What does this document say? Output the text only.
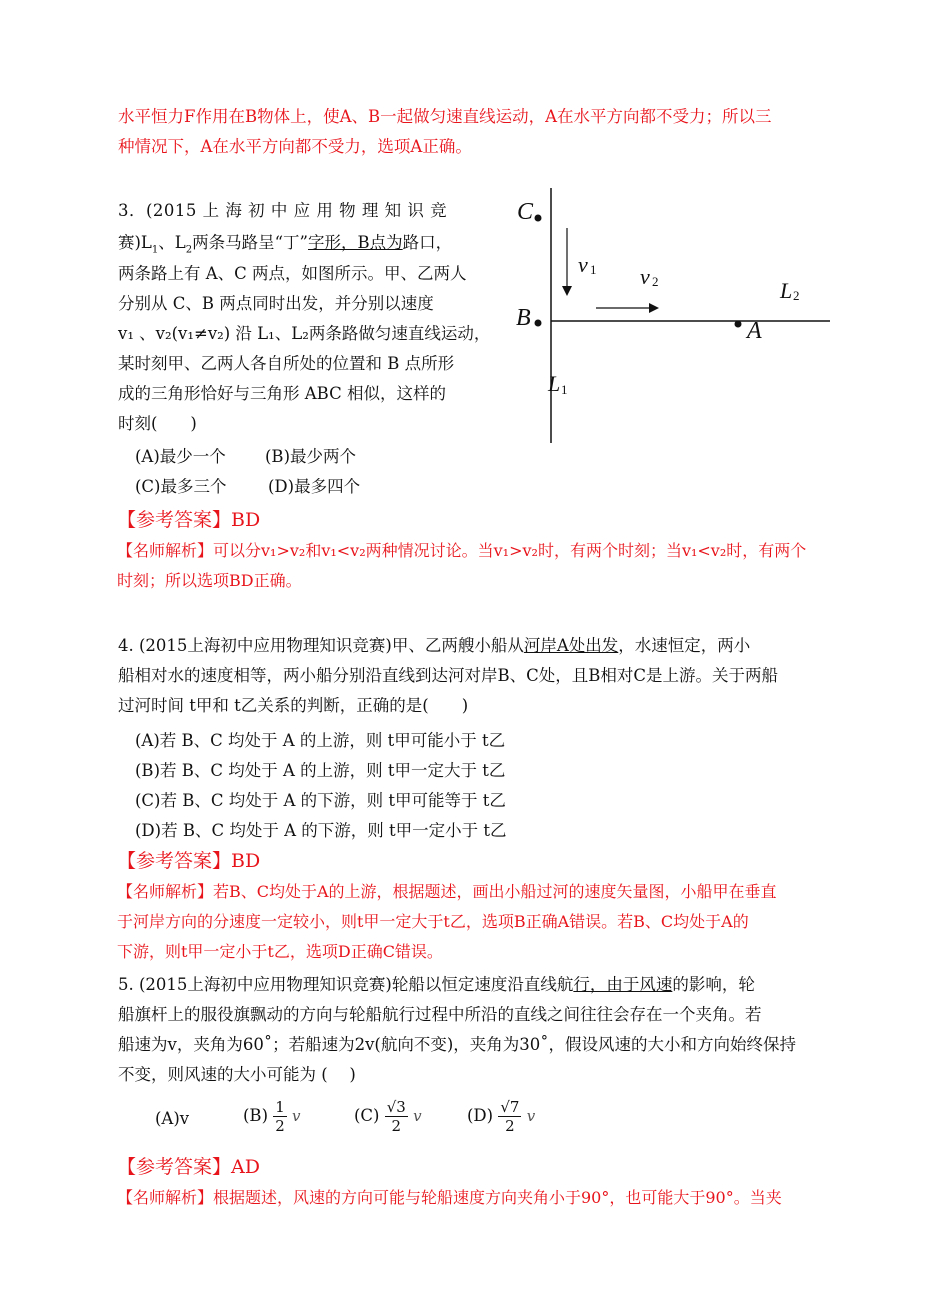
水平恒力F作用在B物体上，使A、B一起做匀速直线运动，A在水平方向都不受力；所以三
种情况下，A在水平方向都不受力，选项A正确。
3．(2015 上 海 初 中 应 用 物 理 知 识 竞
赛)$L_1$、$L_2$两条马路呈“丁”字形，B点为路口，
两条路上有 A、C 两点，如图所示。甲、乙两人
分别从 C、B 两点同时出发，并分别以速度
v₁ 、v₂(v₁≠v₂) 沿 L₁、L₂两条路做匀速直线运动，
某时刻甲、乙两人各自所处的位置和 B 点所形
成的三角形恰好与三角形 ABC 相似，这样的
时刻(　　)
(A)最少一个 (B)最少两个
(C)最多三个	(D)最多四个
【参考答案】BD
【名师解析】可以分v₁>v₂和v₁<v₂两种情况讨论。当v₁>v₂时，有两个时刻；当v₁<v₂时，有两个
时刻；所以选项BD正确。
C
B	A
v 1 v 2	L 2
L 1
4. (2015上海初中应用物理知识竞赛)甲、乙两艘小船从河岸A处出发，水速恒定，两小
船相对水的速度相等，两小船分别沿直线到达河对岸B、C处，且B相对C是上游。关于两船
过河时间 t甲和 t乙关系的判断，正确的是(　　)
(A)若 B、C 均处于 A 的上游，则 t甲可能小于 t乙
(B)若 B、C 均处于 A 的上游，则 t甲一定大于 t乙
(C)若 B、C 均处于 A 的下游，则 t甲可能等于 t乙
(D)若 B、C 均处于 A 的下游，则 t甲一定小于 t乙
【参考答案】BD
【名师解析】若B、C均处于A的上游，根据题述，画出小船过河的速度矢量图，小船甲在垂直
于河岸方向的分速度一定较小，则t甲一定大于t乙，选项B正确A错误。若B、C均处于A的
下游，则t甲一定小于t乙，选项D正确C错误。
5. (2015上海初中应用物理知识竞赛)轮船以恒定速度沿直线航行，由于风速的影响，轮
船旗杆上的服役旗飘动的方向与轮船航行过程中所沿的直线之间往往会存在一个夹角。若
船速为v，夹角为60˚；若船速为2v(航向不变)，夹角为30˚，假设风速的大小和方向始终保持
不变，则风速的大小可能为 (　 )
(A)v	$(B) \frac{1}{2}$ v	$(C) \frac{√3}{2}$ v	$(D) \frac{√7}{2}$ v
【参考答案】AD
【名师解析】根据题述，风速的方向可能与轮船速度方向夹角小于90°，也可能大于90°。当夹
